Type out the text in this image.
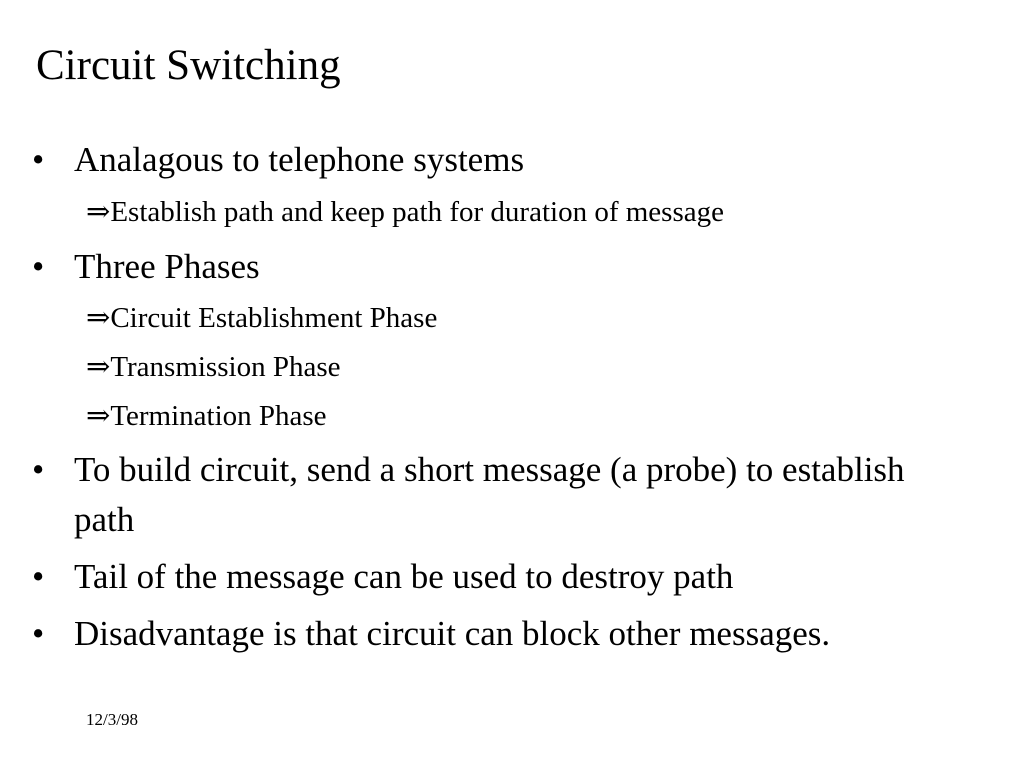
Circuit Switching
• Analagous to telephone systems
⇒Establish path and keep path for duration of message
• Three Phases
⇒Circuit Establishment Phase
⇒Transmission Phase
⇒Termination Phase
• To build circuit, send a short message (a probe) to establish path
• Tail of the message can be used to destroy path
• Disadvantage is that circuit can block other messages.
12/3/98
